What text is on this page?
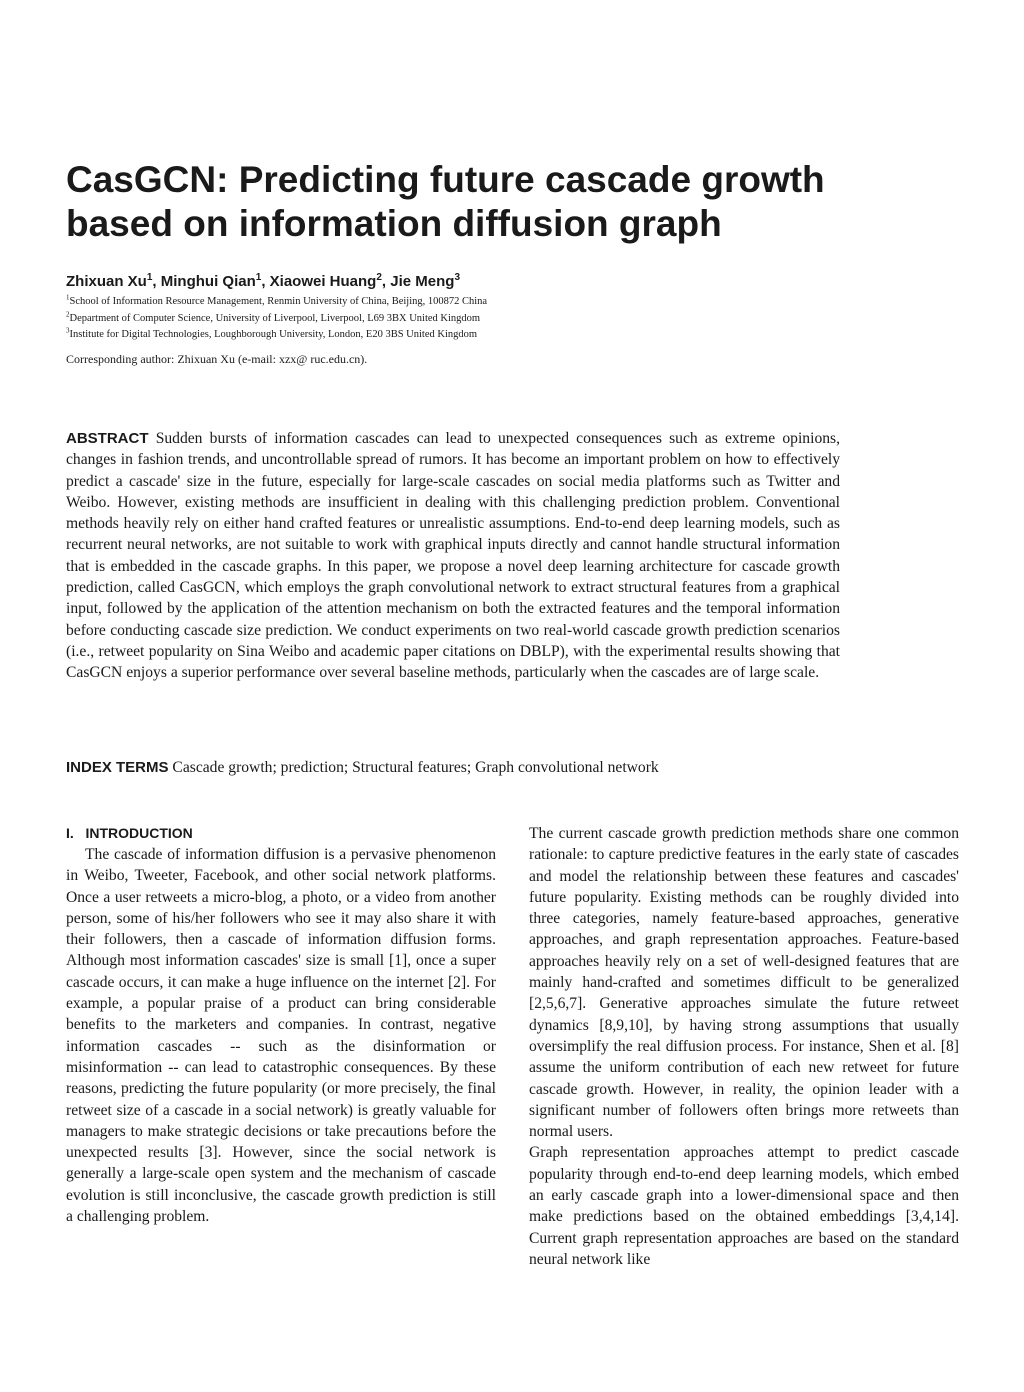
CasGCN: Predicting future cascade growth
based on information diffusion graph
Zhixuan Xu$^1$, Minghui Qian$^1$, Xiaowei Huang$^2$, Jie Meng$^3$
$^1$School of Information Resource Management, Renmin University of China, Beijing, 100872 China
$^2$Department of Computer Science, University of Liverpool, Liverpool, L69 3BX United Kingdom
$^3$Institute for Digital Technologies, Loughborough University, London, E20 3BS United Kingdom
Corresponding author: Zhixuan Xu (e-mail: xzx@ ruc.edu.cn).

ABSTRACT Sudden bursts of information cascades can lead to unexpected consequences such as extreme opinions, changes in fashion trends, and uncontrollable spread of rumors. It has become an important problem on how to effectively predict a cascade' size in the future, especially for large-scale cascades on social media platforms such as Twitter and Weibo. However, existing methods are insufficient in dealing with this challenging prediction problem. Conventional methods heavily rely on either hand crafted features or unrealistic assumptions. End-to-end deep learning models, such as recurrent neural networks, are not suitable to work with graphical inputs directly and cannot handle structural information that is embedded in the cascade graphs. In this paper, we propose a novel deep learning architecture for cascade growth prediction, called CasGCN, which employs the graph convolutional network to extract structural features from a graphical input, followed by the application of the attention mechanism on both the extracted features and the temporal information before conducting cascade size prediction. We conduct experiments on two real-world cascade growth prediction scenarios (i.e., retweet popularity on Sina Weibo and academic paper citations on DBLP), with the experimental results showing that CasGCN enjoys a superior performance over several baseline methods, particularly when the cascades are of large scale.

INDEX TERMS Cascade growth; prediction; Structural features; Graph convolutional network
I.   INTRODUCTION

The cascade of information diffusion is a pervasive phenomenon in Weibo, Tweeter, Facebook, and other social network platforms. Once a user retweets a micro-blog, a photo, or a video from another person, some of his/her followers who see it may also share it with their followers, then a cascade of information diffusion forms. Although most information cascades' size is small [1], once a super cascade occurs, it can make a huge influence on the internet [2]. For example, a popular praise of a product can bring considerable benefits to the marketers and companies. In contrast, negative information cascades -- such as the disinformation or misinformation -- can lead to catastrophic consequences. By these reasons, predicting the future popularity (or more precisely, the final retweet size of a cascade in a social network) is greatly valuable for managers to make strategic decisions or take precautions before the unexpected results [3]. However, since the social network is generally a large-scale open system and the mechanism of cascade evolution is still inconclusive, the cascade growth prediction is still a challenging problem.

The current cascade growth prediction methods share one common rationale: to capture predictive features in the early state of cascades and model the relationship between these features and cascades' future popularity. Existing methods can be roughly divided into three categories, namely feature-based approaches, generative approaches, and graph representation approaches. Feature-based approaches heavily rely on a set of well-designed features that are mainly hand-crafted and sometimes difficult to be generalized [2,5,6,7]. Generative approaches simulate the future retweet dynamics [8,9,10], by having strong assumptions that usually oversimplify the real diffusion process. For instance, Shen et al. [8] assume the uniform contribution of each new retweet for future cascade growth. However, in reality, the opinion leader with a significant number of followers often brings more retweets than normal users.

Graph representation approaches attempt to predict cascade popularity through end-to-end deep learning models, which embed an early cascade graph into a lower-dimensional space and then make predictions based on the obtained embeddings [3,4,14]. Current graph representation approaches are based on the standard neural network like
